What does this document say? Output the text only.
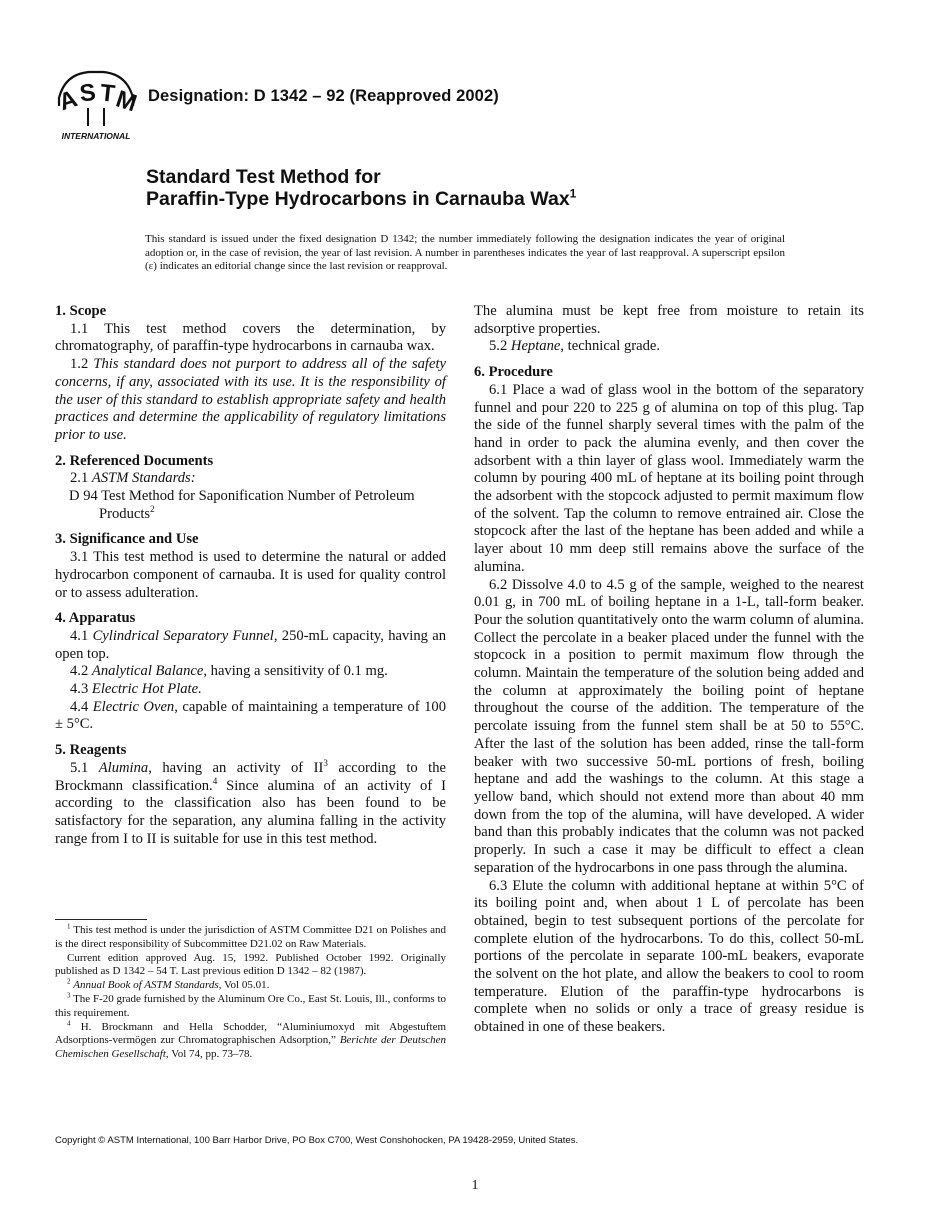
A
S T
M
INTERNATIONAL
Designation: D 1342 – 92 (Reapproved 2002)
Standard Test Method for
Paraffin-Type Hydrocarbons in Carnauba Wax$^1$
This standard is issued under the fixed designation D 1342; the number immediately following the designation indicates the year of original adoption or, in the case of revision, the year of last revision. A number in parentheses indicates the year of last reapproval. A superscript epsilon (ε) indicates an editorial change since the last revision or reapproval.

1. Scope

1.1 This test method covers the determination, by chromatography, of paraffin-type hydrocarbons in carnauba wax.

1.2 This standard does not purport to address all of the safety concerns, if any, associated with its use. It is the responsibility of the user of this standard to establish appropriate safety and health practices and determine the applicability of regulatory limitations prior to use.

2. Referenced Documents

2.1 ASTM Standards:

D 94 Test Method for Saponification Number of Petroleum Products$^2$

3. Significance and Use

3.1 This test method is used to determine the natural or added hydrocarbon component of carnauba. It is used for quality control or to assess adulteration.

4. Apparatus

4.1 Cylindrical Separatory Funnel, 250-mL capacity, having an open top.

4.2 Analytical Balance, having a sensitivity of 0.1 mg.

4.3 Electric Hot Plate.

4.4 Electric Oven, capable of maintaining a temperature of 100 ± 5°C.

5. Reagents

5.1 Alumina, having an activity of $II^3$ according to the Brockmann classification.$^4$ Since alumina of an activity of I according to the classification also has been found to be satisfactory for the separation, any alumina falling in the activity range from I to II is suitable for use in this test method.

$^1$ This test method is under the jurisdiction of ASTM Committee D21 on Polishes and is the direct responsibility of Subcommittee D21.02 on Raw Materials.

Current edition approved Aug. 15, 1992. Published October 1992. Originally published as D 1342 – 54 T. Last previous edition D 1342 – 82 (1987).

$^2$ Annual Book of ASTM Standards, Vol 05.01.

$^3$ The F-20 grade furnished by the Aluminum Ore Co., East St. Louis, Ill., conforms to this requirement.

$^4$ H. Brockmann and Hella Schodder, “Aluminiumoxyd mit Abgestuftem Adsorptions-vermögen zur Chromatographischen Adsorption,” Berichte der Deutschen Chemischen Gesellschaft, Vol 74, pp. 73–78.

The alumina must be kept free from moisture to retain its adsorptive properties.

5.2 Heptane, technical grade.

6. Procedure

6.1 Place a wad of glass wool in the bottom of the separatory funnel and pour 220 to 225 g of alumina on top of this plug. Tap the side of the funnel sharply several times with the palm of the hand in order to pack the alumina evenly, and then cover the adsorbent with a thin layer of glass wool. Immediately warm the column by pouring 400 mL of heptane at its boiling point through the adsorbent with the stopcock adjusted to permit maximum flow of the solvent. Tap the column to remove entrained air. Close the stopcock after the last of the heptane has been added and while a layer about 10 mm deep still remains above the surface of the alumina.

6.2 Dissolve 4.0 to 4.5 g of the sample, weighed to the nearest 0.01 g, in 700 mL of boiling heptane in a 1-L, tall-form beaker. Pour the solution quantitatively onto the warm column of alumina. Collect the percolate in a beaker placed under the funnel with the stopcock in a position to permit maximum flow through the column. Maintain the temperature of the solution being added and the column at approximately the boiling point of heptane throughout the course of the addition. The temperature of the percolate issuing from the funnel stem shall be at 50 to 55°C. After the last of the solution has been added, rinse the tall-form beaker with two successive 50-mL portions of fresh, boiling heptane and add the washings to the column. At this stage a yellow band, which should not extend more than about 40 mm down from the top of the alumina, will have developed. A wider band than this probably indicates that the column was not packed properly. In such a case it may be difficult to effect a clean separation of the hydrocarbons in one pass through the alumina.

6.3 Elute the column with additional heptane at within 5°C of its boiling point and, when about 1 L of percolate has been obtained, begin to test subsequent portions of the percolate for complete elution of the hydrocarbons. To do this, collect 50-mL portions of the percolate in separate 100-mL beakers, evaporate the solvent on the hot plate, and allow the beakers to cool to room temperature. Elution of the paraffin-type hydrocarbons is complete when no solids or only a trace of greasy residue is obtained in one of these beakers.

Copyright © ASTM International, 100 Barr Harbor Drive, PO Box C700, West Conshohocken, PA 19428-2959, United States.
1
